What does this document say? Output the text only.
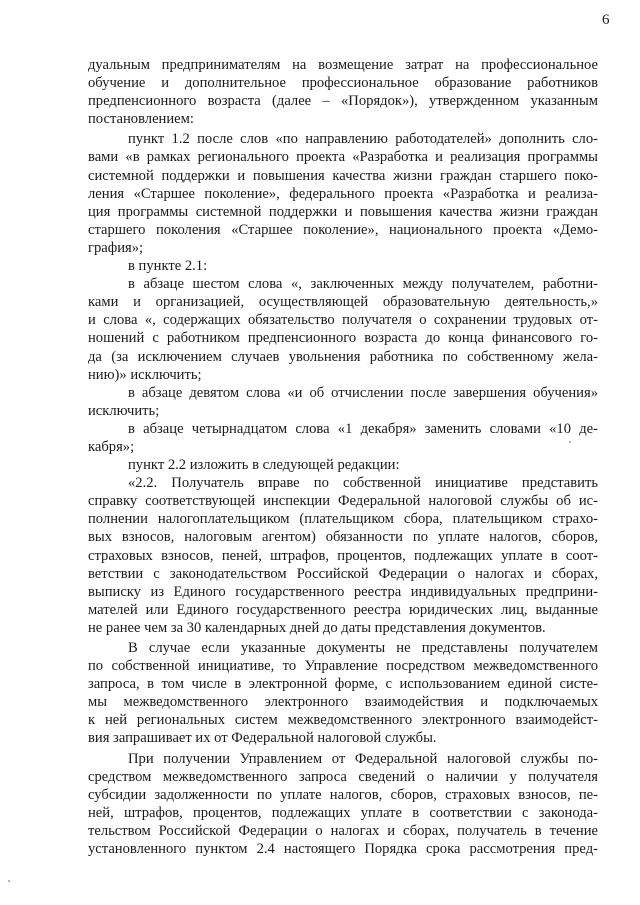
6
дуальным предпринимателям на возмещение затрат на профессиональное
обучение и дополнительное профессиональное образование работников
предпенсионного возраста (далее – «Порядок»), утвержденном указанным
постановлением:
пункт 1.2 после слов «по направлению работодателей» дополнить сло-
вами «в рамках регионального проекта «Разработка и реализация программы
системной поддержки и повышения качества жизни граждан старшего поко-
ления «Старшее поколение», федерального проекта «Разработка и реализа-
ция программы системной поддержки и повышения качества жизни граждан
старшего поколения «Старшее поколение», национального проекта «Демо-
графия»;
в пункте 2.1:
в абзаце шестом слова «, заключенных между получателем, работни-
ками и организацией, осуществляющей образовательную деятельность,»
и слова «, содержащих обязательство получателя о сохранении трудовых от-
ношений с работником предпенсионного возраста до конца финансового го-
да (за исключением случаев увольнения работника по собственному жела-
нию)» исключить;
в абзаце девятом слова «и об отчислении после завершения обучения»
исключить;
в абзаце четырнадцатом слова «1 декабря» заменить словами «10 де-
кабря»;
пункт 2.2 изложить в следующей редакции:
«2.2. Получатель вправе по собственной инициативе представить
справку соответствующей инспекции Федеральной налоговой службы об ис-
полнении налогоплательщиком (плательщиком сбора, плательщиком страхо-
вых взносов, налоговым агентом) обязанности по уплате налогов, сборов,
страховых взносов, пеней, штрафов, процентов, подлежащих уплате в соот-
ветствии с законодательством Российской Федерации о налогах и сборах,
выписку из Единого государственного реестра индивидуальных предприни-
мателей или Единого государственного реестра юридических лиц, выданные
не ранее чем за 30 календарных дней до даты представления документов.
В случае если указанные документы не представлены получателем
по собственной инициативе, то Управление посредством межведомственного
запроса, в том числе в электронной форме, с использованием единой систе-
мы межведомственного электронного взаимодействия и подключаемых
к ней региональных систем межведомственного электронного взаимодейст-
вия запрашивает их от Федеральной налоговой службы.
При получении Управлением от Федеральной налоговой службы по-
средством межведомственного запроса сведений о наличии у получателя
субсидии задолженности по уплате налогов, сборов, страховых взносов, пе-
ней, штрафов, процентов, подлежащих уплате в соответствии с законода-
тельством Российской Федерации о налогах и сборах, получатель в течение
установленного пунктом 2.4 настоящего Порядка срока рассмотрения пред-
